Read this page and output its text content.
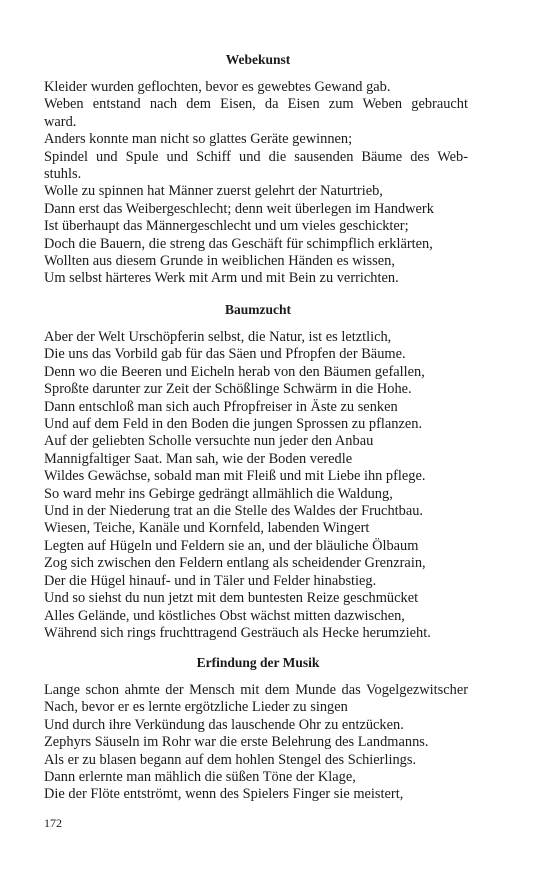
Webekunst
Kleider wurden geflochten, bevor es gewebtes Gewand gab.
Weben entstand nach dem Eisen, da Eisen zum Weben gebraucht
ward.
Anders konnte man nicht so glattes Geräte gewinnen;
Spindel und Spule und Schiff und die sausenden Bäume des Web-
stuhls.
Wolle zu spinnen hat Männer zuerst gelehrt der Naturtrieb,
Dann erst das Weibergeschlecht; denn weit überlegen im Handwerk
Ist überhaupt das Männergeschlecht und um vieles geschickter;
Doch die Bauern, die streng das Geschäft für schimpflich erklärten,
Wollten aus diesem Grunde in weiblichen Händen es wissen,
Um selbst härteres Werk mit Arm und mit Bein zu verrichten.
Baumzucht
Aber der Welt Urschöpferin selbst, die Natur, ist es letztlich,
Die uns das Vorbild gab für das Säen und Pfropfen der Bäume.
Denn wo die Beeren und Eicheln herab von den Bäumen gefallen,
Sproßte darunter zur Zeit der Schößlinge Schwärm in die Hohe.
Dann entschloß man sich auch Pfropfreiser in Äste zu senken
Und auf dem Feld in den Boden die jungen Sprossen zu pflanzen.
Auf der geliebten Scholle versuchte nun jeder den Anbau
Mannigfaltiger Saat. Man sah, wie der Boden veredle
Wildes Gewächse, sobald man mit Fleiß und mit Liebe ihn pflege.
So ward mehr ins Gebirge gedrängt allmählich die Waldung,
Und in der Niederung trat an die Stelle des Waldes der Fruchtbau.
Wiesen, Teiche, Kanäle und Kornfeld, labenden Wingert
Legten auf Hügeln und Feldern sie an, und der bläuliche Ölbaum
Zog sich zwischen den Feldern entlang als scheidender Grenzrain,
Der die Hügel hinauf- und in Täler und Felder hinabstieg.
Und so siehst du nun jetzt mit dem buntesten Reize geschmücket
Alles Gelände, und köstliches Obst wächst mitten dazwischen,
Während sich rings fruchttragend Gesträuch als Hecke herumzieht.
Erfindung der Musik
Lange schon ahmte der Mensch mit dem Munde das Vogelgezwitscher
Nach, bevor er es lernte ergötzliche Lieder zu singen
Und durch ihre Verkündung das lauschende Ohr zu entzücken.
Zephyrs Säuseln im Rohr war die erste Belehrung des Landmanns.
Als er zu blasen begann auf dem hohlen Stengel des Schierlings.
Dann erlernte man mählich die süßen Töne der Klage,
Die der Flöte entströmt, wenn des Spielers Finger sie meistert,
172
